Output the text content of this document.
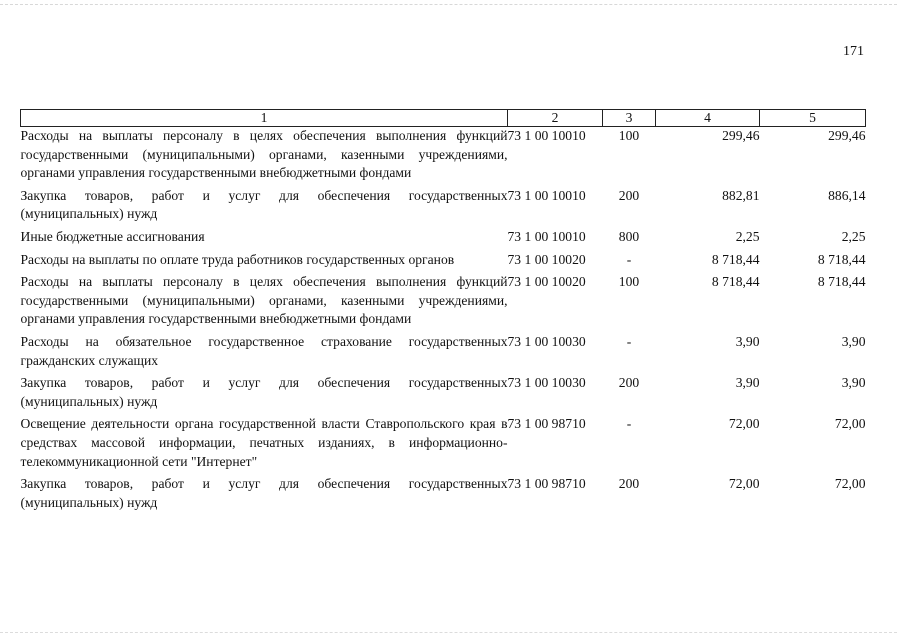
171
1	2	3	4	5
Расходы на выплаты персоналу в целях обеспечения выполнения функций государственными (муниципальными) органами, казенными учреждениями, органами управления государственными внебюджетными фондами	73 1 00 10010	100	299,46	299,46
Закупка товаров, работ и услуг для обеспечения государственных (муниципальных) нужд	73 1 00 10010	200	882,81	886,14
Иные бюджетные ассигнования	73 1 00 10010	800	2,25	2,25
Расходы на выплаты по оплате труда работников государственных органов	73 1 00 10020	-	8 718,44	8 718,44
Расходы на выплаты персоналу в целях обеспечения выполнения функций государственными (муниципальными) органами, казенными учреждениями, органами управления государственными внебюджетными фондами	73 1 00 10020	100	8 718,44	8 718,44
Расходы на обязательное государственное страхование государственных гражданских служащих	73 1 00 10030	-	3,90	3,90
Закупка товаров, работ и услуг для обеспечения государственных (муниципальных) нужд	73 1 00 10030	200	3,90	3,90
Освещение деятельности органа государственной власти Ставропольского края в средствах массовой информации, печатных изданиях, в информационно-телекоммуникационной сети "Интернет"	73 1 00 98710	-	72,00	72,00
Закупка товаров, работ и услуг для обеспечения государственных (муниципальных) нужд	73 1 00 98710	200	72,00	72,00
